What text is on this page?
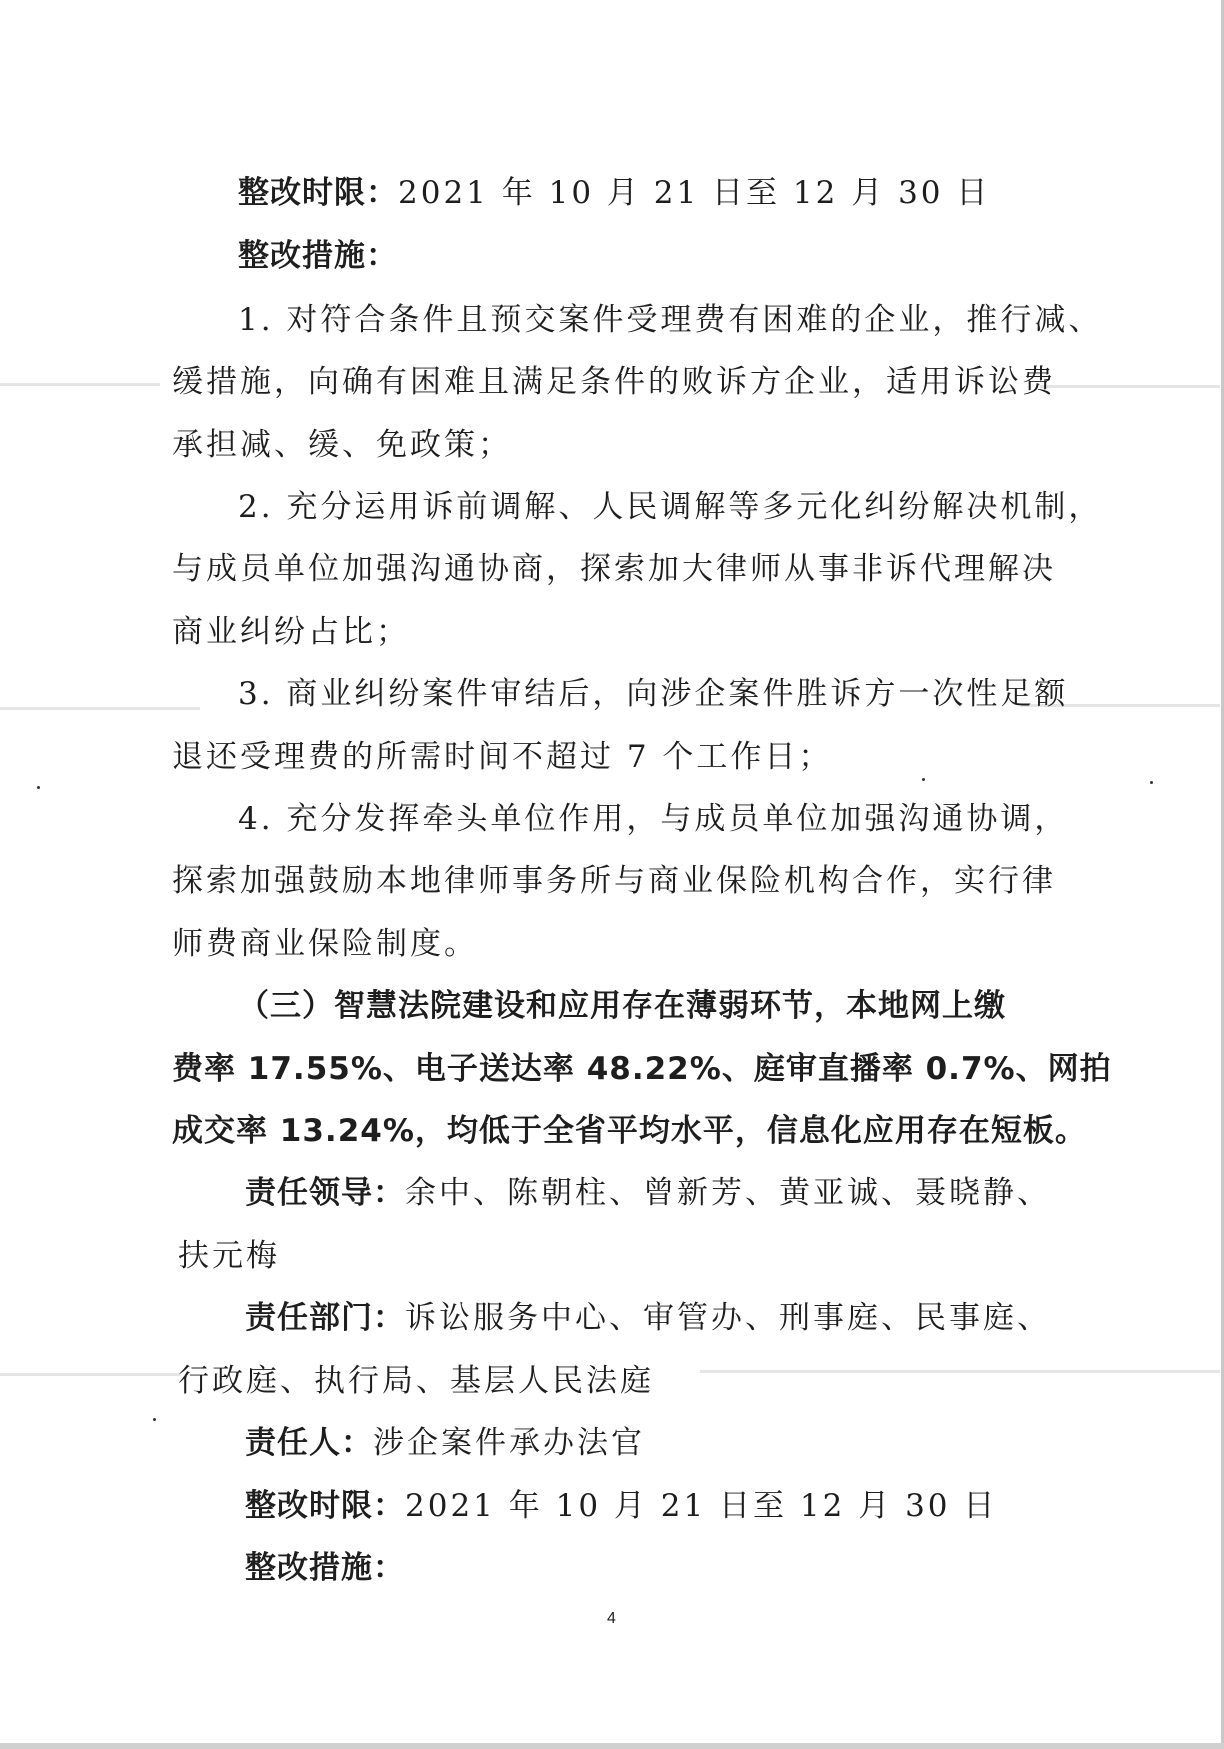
整改时限：2021 年 10 月 21 日至 12 月 30 日
整改措施：
1. 对符合条件且预交案件受理费有困难的企业，推行减、
缓措施，向确有困难且满足条件的败诉方企业，适用诉讼费
承担减、缓、免政策；
2. 充分运用诉前调解、人民调解等多元化纠纷解决机制，
与成员单位加强沟通协商，探索加大律师从事非诉代理解决
商业纠纷占比；
3. 商业纠纷案件审结后，向涉企案件胜诉方一次性足额
退还受理费的所需时间不超过 7 个工作日；
4. 充分发挥牵头单位作用，与成员单位加强沟通协调，
探索加强鼓励本地律师事务所与商业保险机构合作，实行律
师费商业保险制度。
（三）智慧法院建设和应用存在薄弱环节，本地网上缴
费率 17.55%、电子送达率 48.22%、庭审直播率 0.7%、网拍
成交率 13.24%，均低于全省平均水平，信息化应用存在短板。
责任领导：余中、陈朝柱、曾新芳、黄亚诚、聂晓静、
扶元梅
责任部门：诉讼服务中心、审管办、刑事庭、民事庭、
行政庭、执行局、基层人民法庭
责任人：涉企案件承办法官
整改时限：2021 年 10 月 21 日至 12 月 30 日
整改措施：
4
